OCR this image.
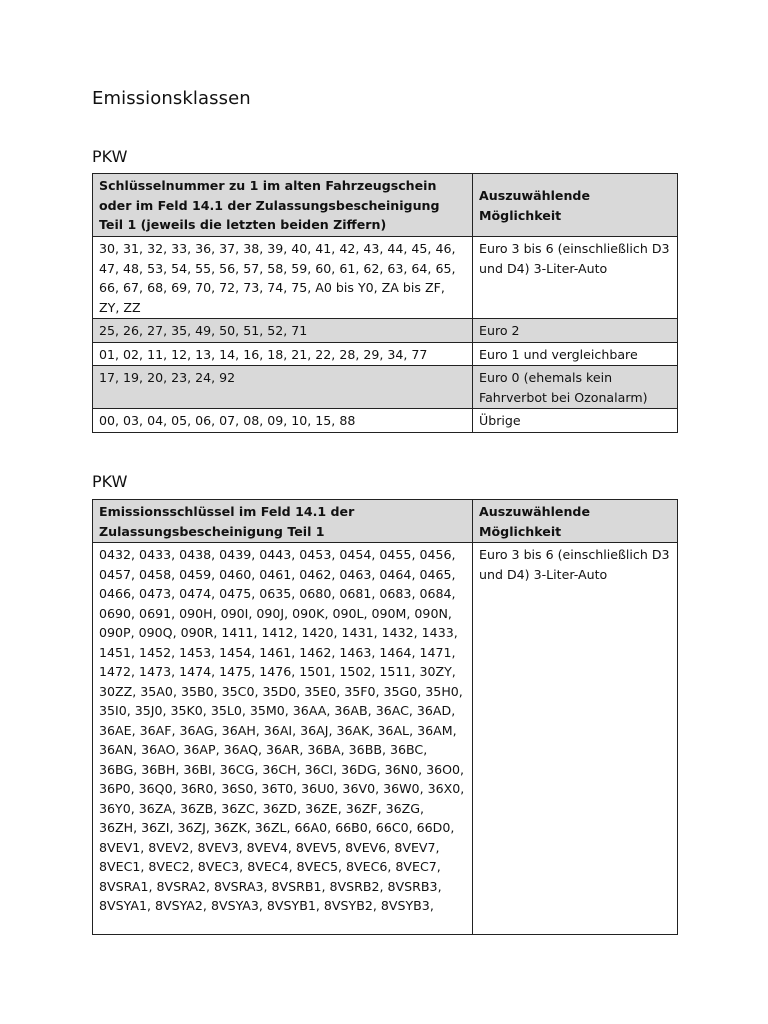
Emissionsklassen
PKW
Schlüsselnummer zu 1 im alten Fahrzeugschein oder im Feld 14.1 der Zulassungsbescheinigung Teil 1 (jeweils die letzten beiden Ziffern)	Auszuwählende Möglichkeit
30, 31, 32, 33, 36, 37, 38, 39, 40, 41, 42, 43, 44, 45, 46, 47, 48, 53, 54, 55, 56, 57, 58, 59, 60, 61, 62, 63, 64, 65, 66, 67, 68, 69, 70, 72, 73, 74, 75, A0 bis Y0, ZA bis ZF, ZY, ZZ	Euro 3 bis 6 (einschließlich D3 und D4) 3-Liter-Auto
25, 26, 27, 35, 49, 50, 51, 52, 71	Euro 2
01, 02, 11, 12, 13, 14, 16, 18, 21, 22, 28, 29, 34, 77	Euro 1 und vergleichbare
17, 19, 20, 23, 24, 92	Euro 0 (ehemals kein Fahrverbot bei Ozonalarm)
00, 03, 04, 05, 06, 07, 08, 09, 10, 15, 88	Übrige
PKW
Emissionsschlüssel im Feld 14.1 der Zulassungsbescheinigung Teil 1	Auszuwählende Möglichkeit
0432, 0433, 0438, 0439, 0443, 0453, 0454, 0455, 0456, 0457, 0458, 0459, 0460, 0461, 0462, 0463, 0464, 0465, 0466, 0473, 0474, 0475, 0635, 0680, 0681, 0683, 0684, 0690, 0691, 090H, 090I, 090J, 090K, 090L, 090M, 090N, 090P, 090Q, 090R, 1411, 1412, 1420, 1431, 1432, 1433, 1451, 1452, 1453, 1454, 1461, 1462, 1463, 1464, 1471, 1472, 1473, 1474, 1475, 1476, 1501, 1502, 1511, 30ZY, 30ZZ, 35A0, 35B0, 35C0, 35D0, 35E0, 35F0, 35G0, 35H0, 35I0, 35J0, 35K0, 35L0, 35M0, 36AA, 36AB, 36AC, 36AD, 36AE, 36AF, 36AG, 36AH, 36AI, 36AJ, 36AK, 36AL, 36AM, 36AN, 36AO, 36AP, 36AQ, 36AR, 36BA, 36BB, 36BC, 36BG, 36BH, 36BI, 36CG, 36CH, 36CI, 36DG, 36N0, 36O0, 36P0, 36Q0, 36R0, 36S0, 36T0, 36U0, 36V0, 36W0, 36X0, 36Y0, 36ZA, 36ZB, 36ZC, 36ZD, 36ZE, 36ZF, 36ZG, 36ZH, 36ZI, 36ZJ, 36ZK, 36ZL, 66A0, 66B0, 66C0, 66D0, 8VEV1, 8VEV2, 8VEV3, 8VEV4, 8VEV5, 8VEV6, 8VEV7, 8VEC1, 8VEC2, 8VEC3, 8VEC4, 8VEC5, 8VEC6, 8VEC7, 8VSRA1, 8VSRA2, 8VSRA3, 8VSRB1, 8VSRB2, 8VSRB3, 8VSYA1, 8VSYA2, 8VSYA3, 8VSYB1, 8VSYB2, 8VSYB3,	Euro 3 bis 6 (einschließlich D3 und D4) 3-Liter-Auto
